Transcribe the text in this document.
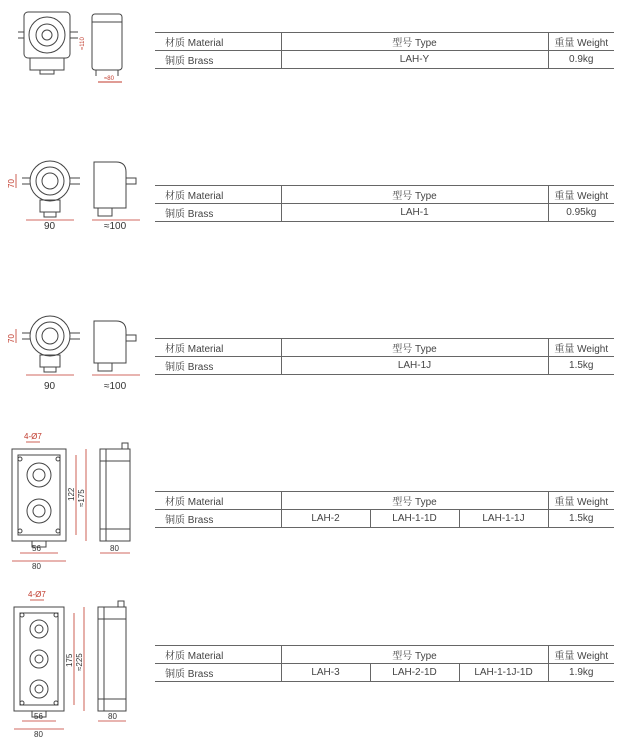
≈110
≈80
材质 Material	型号 Type	重量 Weight
铜质 Brass	LAH-Y	0.9kg
70
90	≈100
材质 Material	型号 Type	重量 Weight
铜质 Brass	LAH-1	0.95kg
70
90	≈100
材质 Material	型号 Type	重量 Weight
铜质 Brass	LAH-1J	1.5kg
4-Ø7
122 ≈175
56
80
80
材质 Material	型号 Type			重量 Weight
铜质 Brass	LAH-2	LAH-1-1D	LAH-1-1J	1.5kg
4-Ø7
175 ≈225
56
80
80
材质 Material	型号 Type			重量 Weight
铜质 Brass	LAH-3	LAH-2-1D	LAH-1-1J-1D	1.9kg
